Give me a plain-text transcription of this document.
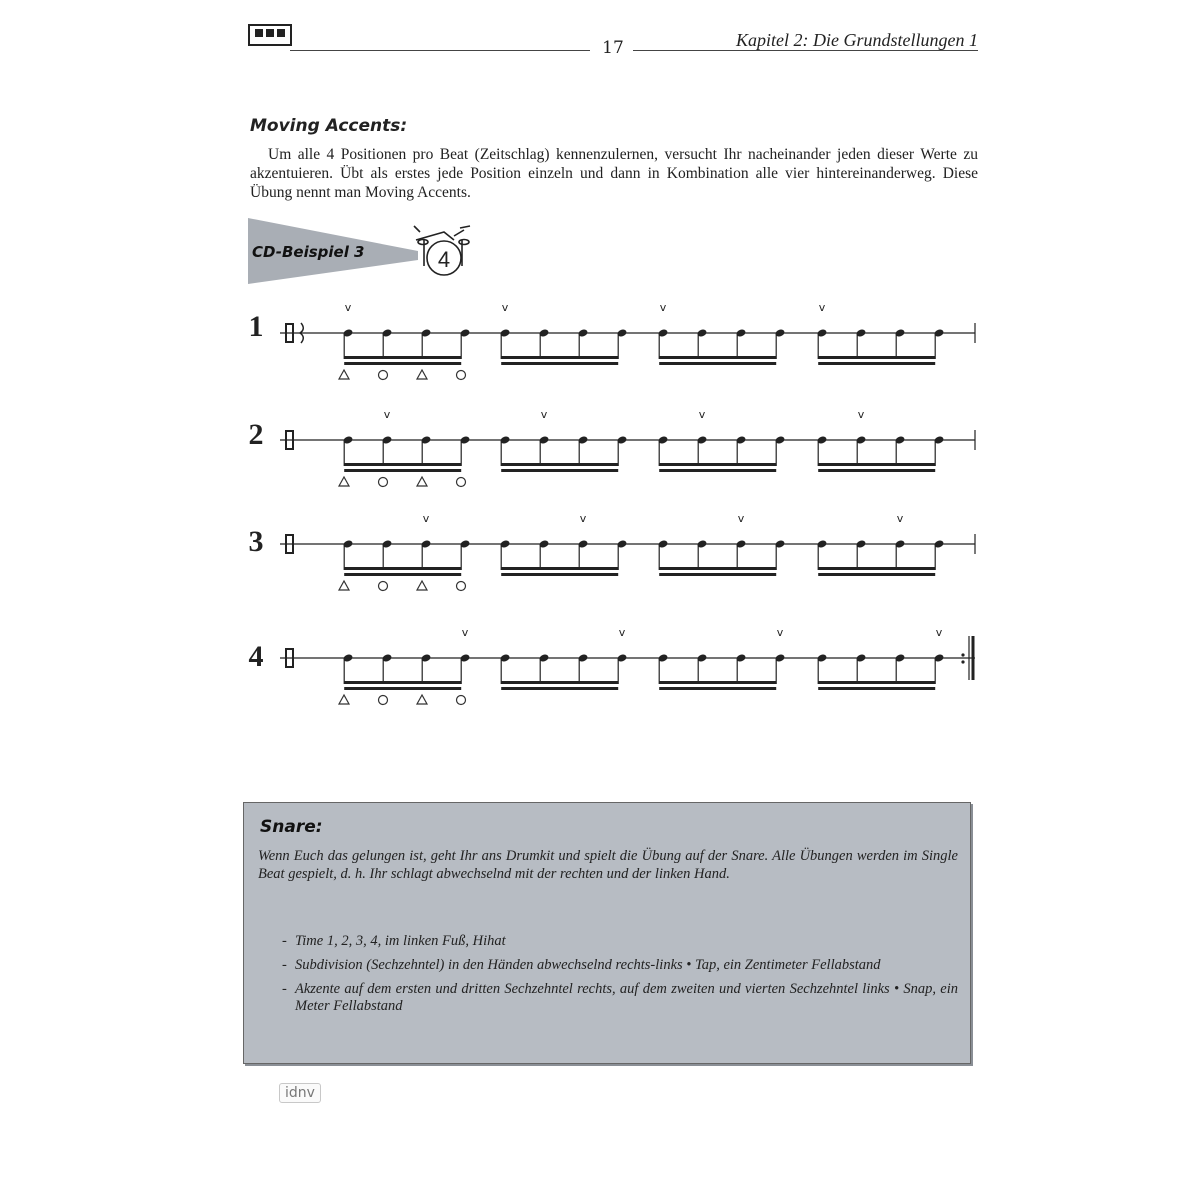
17	Kapitel 2: Die Grundstellungen 1
Moving Accents:

Um alle 4 Positionen pro Beat (Zeitschlag) kennenzulernen, versucht Ihr nacheinander jeden dieser Werte zu akzentuieren. Übt als erstes jede Position einzeln und dann in Kombination alle vier hintereinanderweg. Diese Übung nennt man Moving Accents.

4
CD-Beispiel 3
1
2
3
4
v	v	v	v
v	v	v	v
v	v	v	v
v	v	v	v
Snare:

Wenn Euch das gelungen ist, geht Ihr ans Drumkit und spielt die Übung auf der Snare. Alle Übungen werden im Single Beat gespielt, d. h. Ihr schlagt abwechselnd mit der rechten und der linken Hand.

- Time 1, 2, 3, 4, im linken Fuß, Hihat
- Subdivision (Sechzehntel) in den Händen abwechselnd rechts-links • Tap, ein Zentimeter Fellabstand
- Akzente auf dem ersten und dritten Sechzehntel rechts, auf dem zweiten und vierten Sechzehntel links • Snap, ein Meter Fellabstand
idnv
